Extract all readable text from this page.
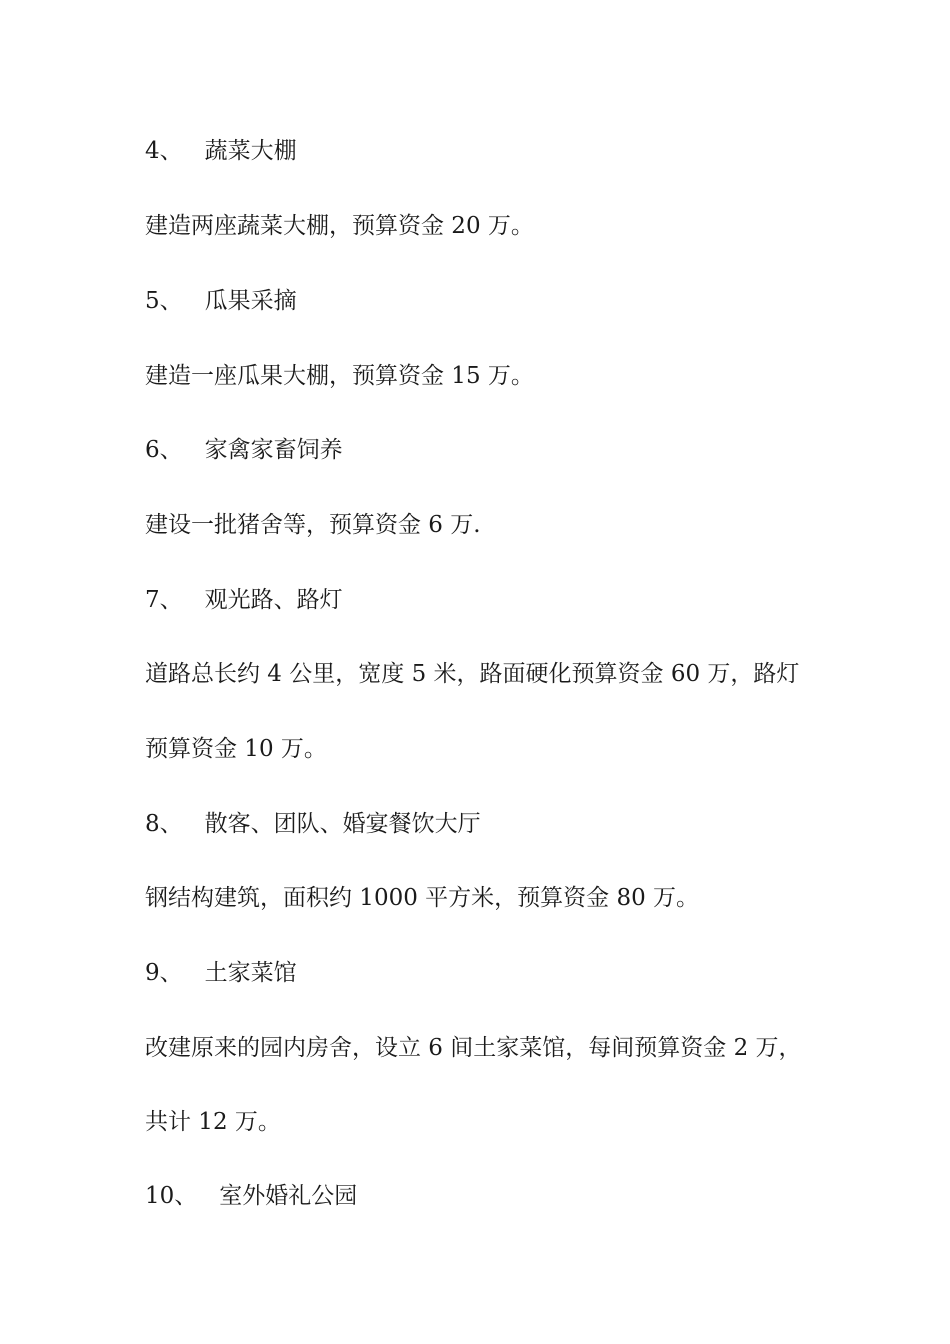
4、 蔬菜大棚
建造两座蔬菜大棚，预算资金 20 万。
5、 瓜果采摘
建造一座瓜果大棚，预算资金 15 万。
6、 家禽家畜饲养
建设一批猪舍等，预算资金 6 万.
7、 观光路、路灯
道路总长约 4 公里，宽度 5 米，路面硬化预算资金 60 万，路灯
预算资金 10 万。
8、 散客、团队、婚宴餐饮大厅
钢结构建筑，面积约 1000 平方米，预算资金 80 万。
9、 土家菜馆
改建原来的园内房舍，设立 6 间土家菜馆，每间预算资金 2 万，
共计 12 万。
10、 室外婚礼公园
